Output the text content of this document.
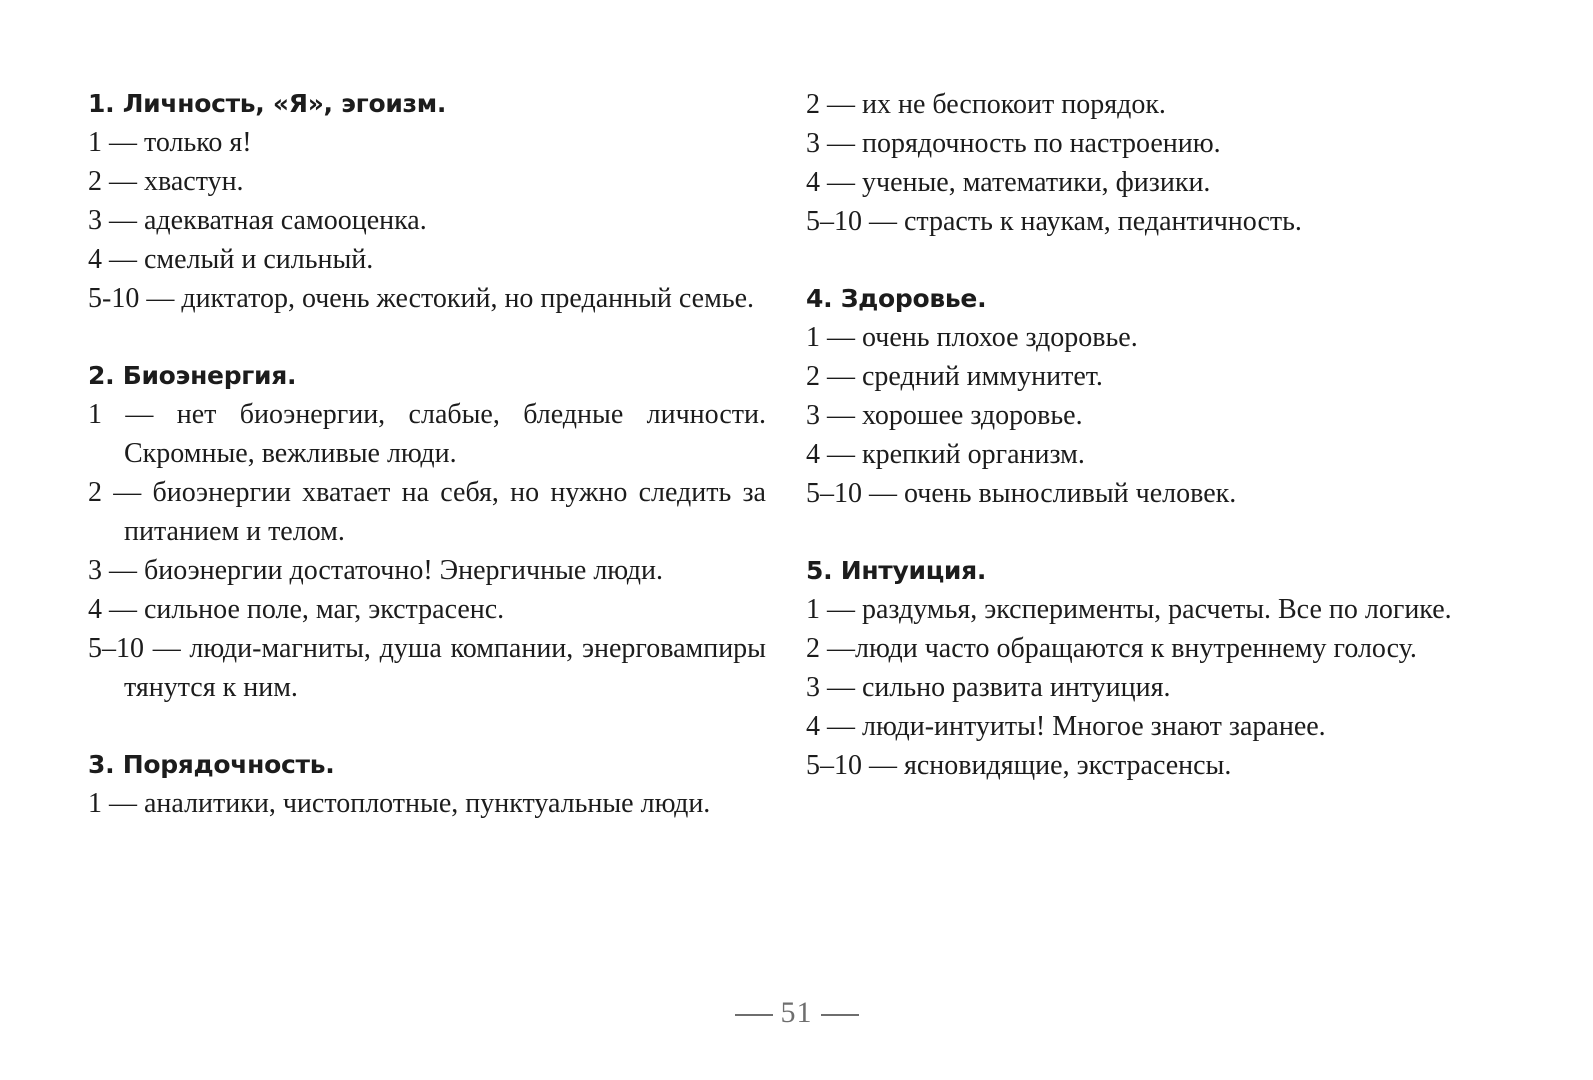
1. Личность, «Я», эгоизм.

1 — только я!

2 — хвастун.

3 — адекватная самооценка.

4 — смелый и сильный.

5-10 — диктатор, очень жестокий, но преданный семье.

2. Биоэнергия.

1 — нет биоэнергии, слабые, бледные личности. Скромные, вежливые люди.

2 — биоэнергии хватает на себя, но нужно следить за питанием и телом.

3 — биоэнергии достаточно! Энергичные люди.

4 — сильное поле, маг, экстрасенс.

5–10 — люди-магниты, душа компании, энерговампиры тянутся к ним.

3. Порядочность.

1 — аналитики, чистоплотные, пунктуальные люди.

2 — их не беспокоит порядок.

3 — порядочность по настроению.

4 — ученые, математики, физики.

5–10 — страсть к наукам, педантичность.

4. Здоровье.

1 — очень плохое здоровье.

2 — средний иммунитет.

3 — хорошее здоровье.

4 — крепкий организм.

5–10 — очень выносливый человек.

5. Интуиция.

1 — раздумья, эксперименты, расчеты. Все по логике.

2 —люди часто обращаются к внутреннему голосу.

3 — сильно развита интуиция.

4 — люди-интуиты! Многое знают заранее.

5–10 — ясновидящие, экстрасенсы.

51
